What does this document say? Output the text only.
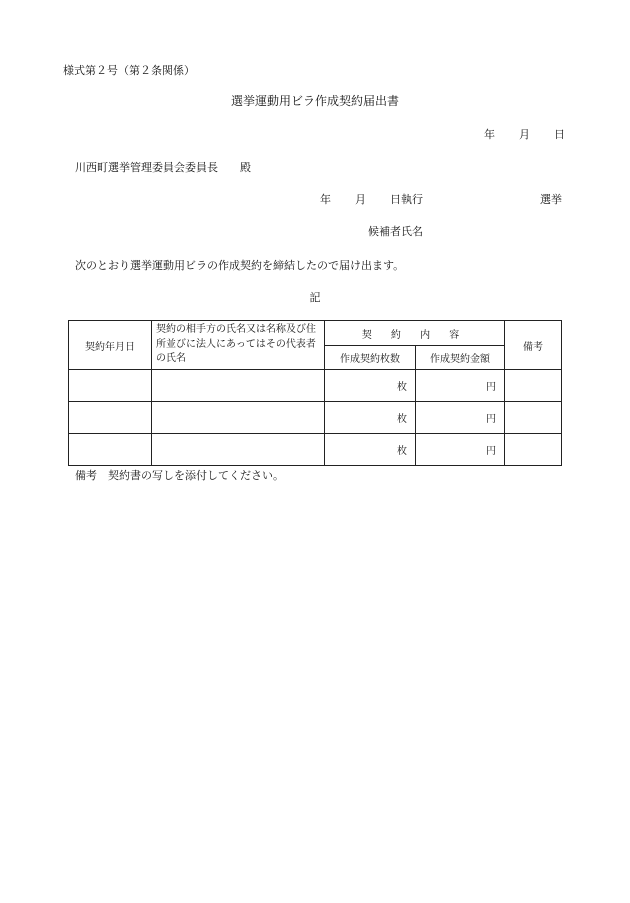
様式第２号（第２条関係）
選挙運動用ビラ作成契約届出書
年 月 日
川西町選挙管理委員会委員長 殿
年 月 日執行	選挙
候補者氏名
次のとおり選挙運動用ビラの作成契約を締結したので届け出ます。
記
契約年月日	契約の相手方の氏名又は名称及び住所並びに法人にあってはその代表者の氏名	契 約 内 容		備考
		作成契約枚数	作成契約金額	
		枚	円	
		枚	円	
		枚	円	
備考　契約書の写しを添付してください。
